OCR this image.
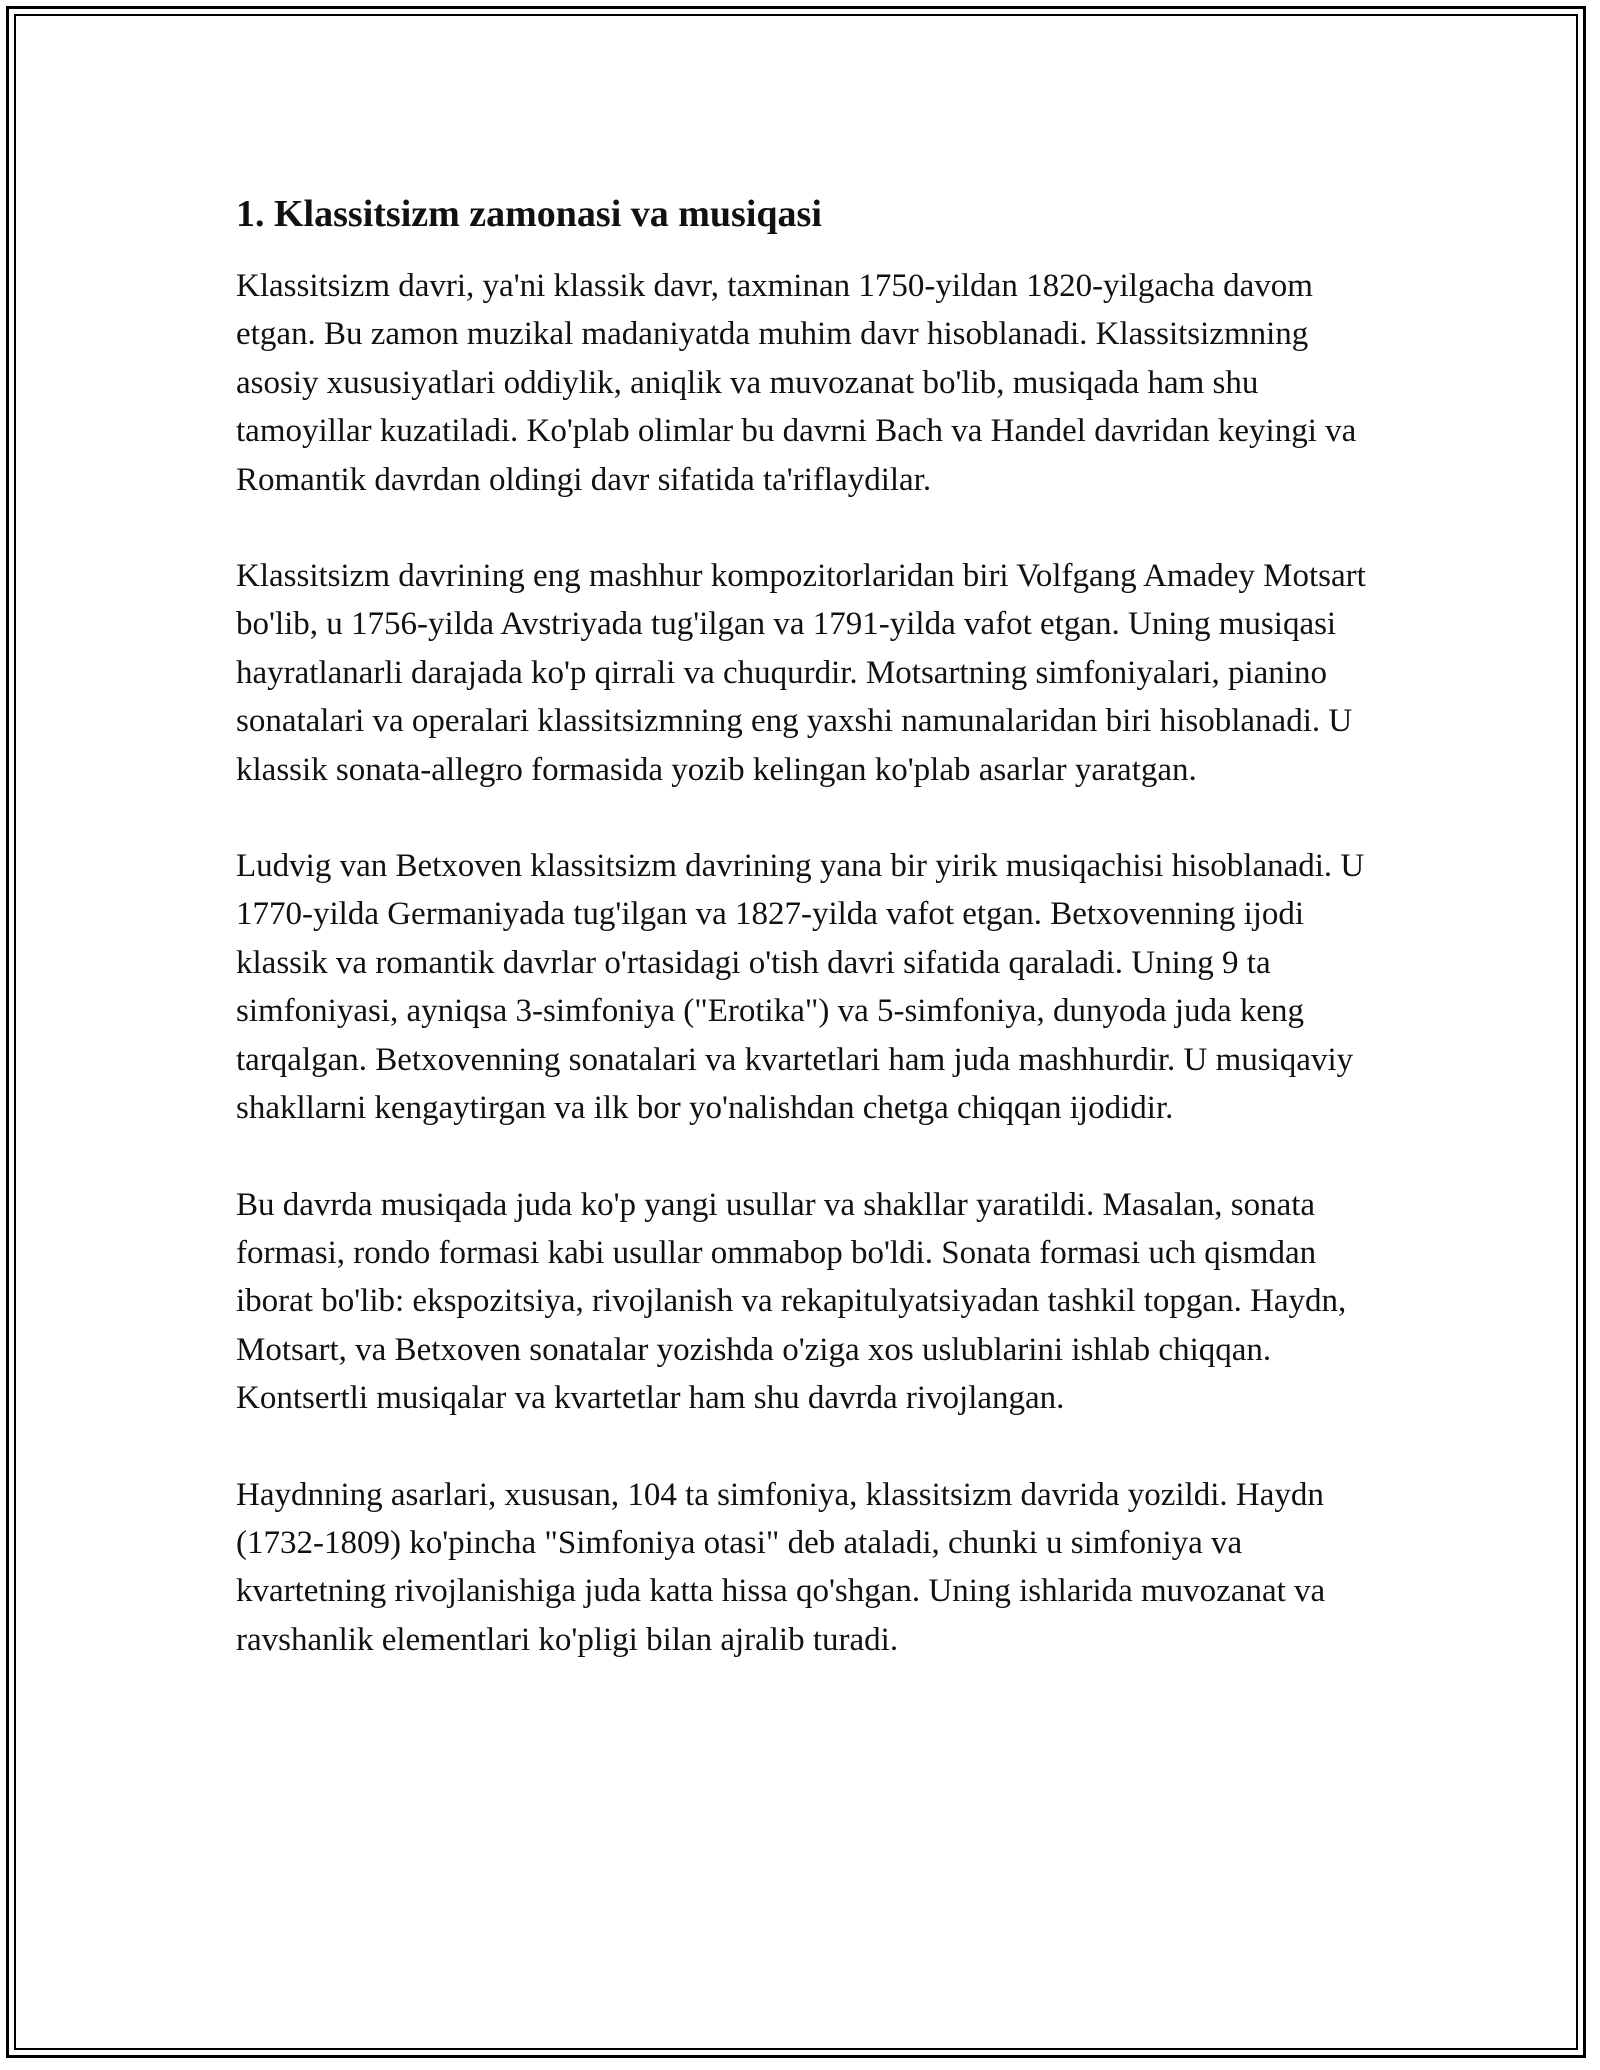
1. Klassitsizm zamonasi va musiqasi

Klassitsizm davri, ya'ni klassik davr, taxminan 1750-yildan 1820-yilgacha davom etgan. Bu zamon muzikal madaniyatda muhim davr hisoblanadi. Klassitsizmning asosiy xususiyatlari oddiylik, aniqlik va muvozanat bo'lib, musiqada ham shu tamoyillar kuzatiladi. Ko'plab olimlar bu davrni Bach va Handel davridan keyingi va Romantik davrdan oldingi davr sifatida ta'riflaydilar.

Klassitsizm davrining eng mashhur kompozitorlaridan biri Volfgang Amadey Motsart bo'lib, u 1756-yilda Avstriyada tug'ilgan va 1791-yilda vafot etgan. Uning musiqasi hayratlanarli darajada ko'p qirrali va chuqurdir. Motsartning simfoniyalari, pianino sonatalari va operalari klassitsizmning eng yaxshi namunalaridan biri hisoblanadi. U klassik sonata-allegro formasida yozib kelingan ko'plab asarlar yaratgan.

Ludvig van Betxoven klassitsizm davrining yana bir yirik musiqachisi hisoblanadi. U 1770-yilda Germaniyada tug'ilgan va 1827-yilda vafot etgan. Betxovenning ijodi klassik va romantik davrlar o'rtasidagi o'tish davri sifatida qaraladi. Uning 9 ta simfoniyasi, ayniqsa 3-simfoniya ("Erotika") va 5-simfoniya, dunyoda juda keng tarqalgan. Betxovenning sonatalari va kvartetlari ham juda mashhurdir. U musiqaviy shakllarni kengaytirgan va ilk bor yo'nalishdan chetga chiqqan ijodidir.

Bu davrda musiqada juda ko'p yangi usullar va shakllar yaratildi. Masalan, sonata formasi, rondo formasi kabi usullar ommabop bo'ldi. Sonata formasi uch qismdan iborat bo'lib: ekspozitsiya, rivojlanish va rekapitulyatsiyadan tashkil topgan. Haydn, Motsart, va Betxoven sonatalar yozishda o'ziga xos uslublarini ishlab chiqqan. Kontsertli musiqalar va kvartetlar ham shu davrda rivojlangan.

Haydnning asarlari, xususan, 104 ta simfoniya, klassitsizm davrida yozildi. Haydn (1732-1809) ko'pincha "Simfoniya otasi" deb ataladi, chunki u simfoniya va kvartetning rivojlanishiga juda katta hissa qo'shgan. Uning ishlarida muvozanat va ravshanlik elementlari ko'pligi bilan ajralib turadi.
